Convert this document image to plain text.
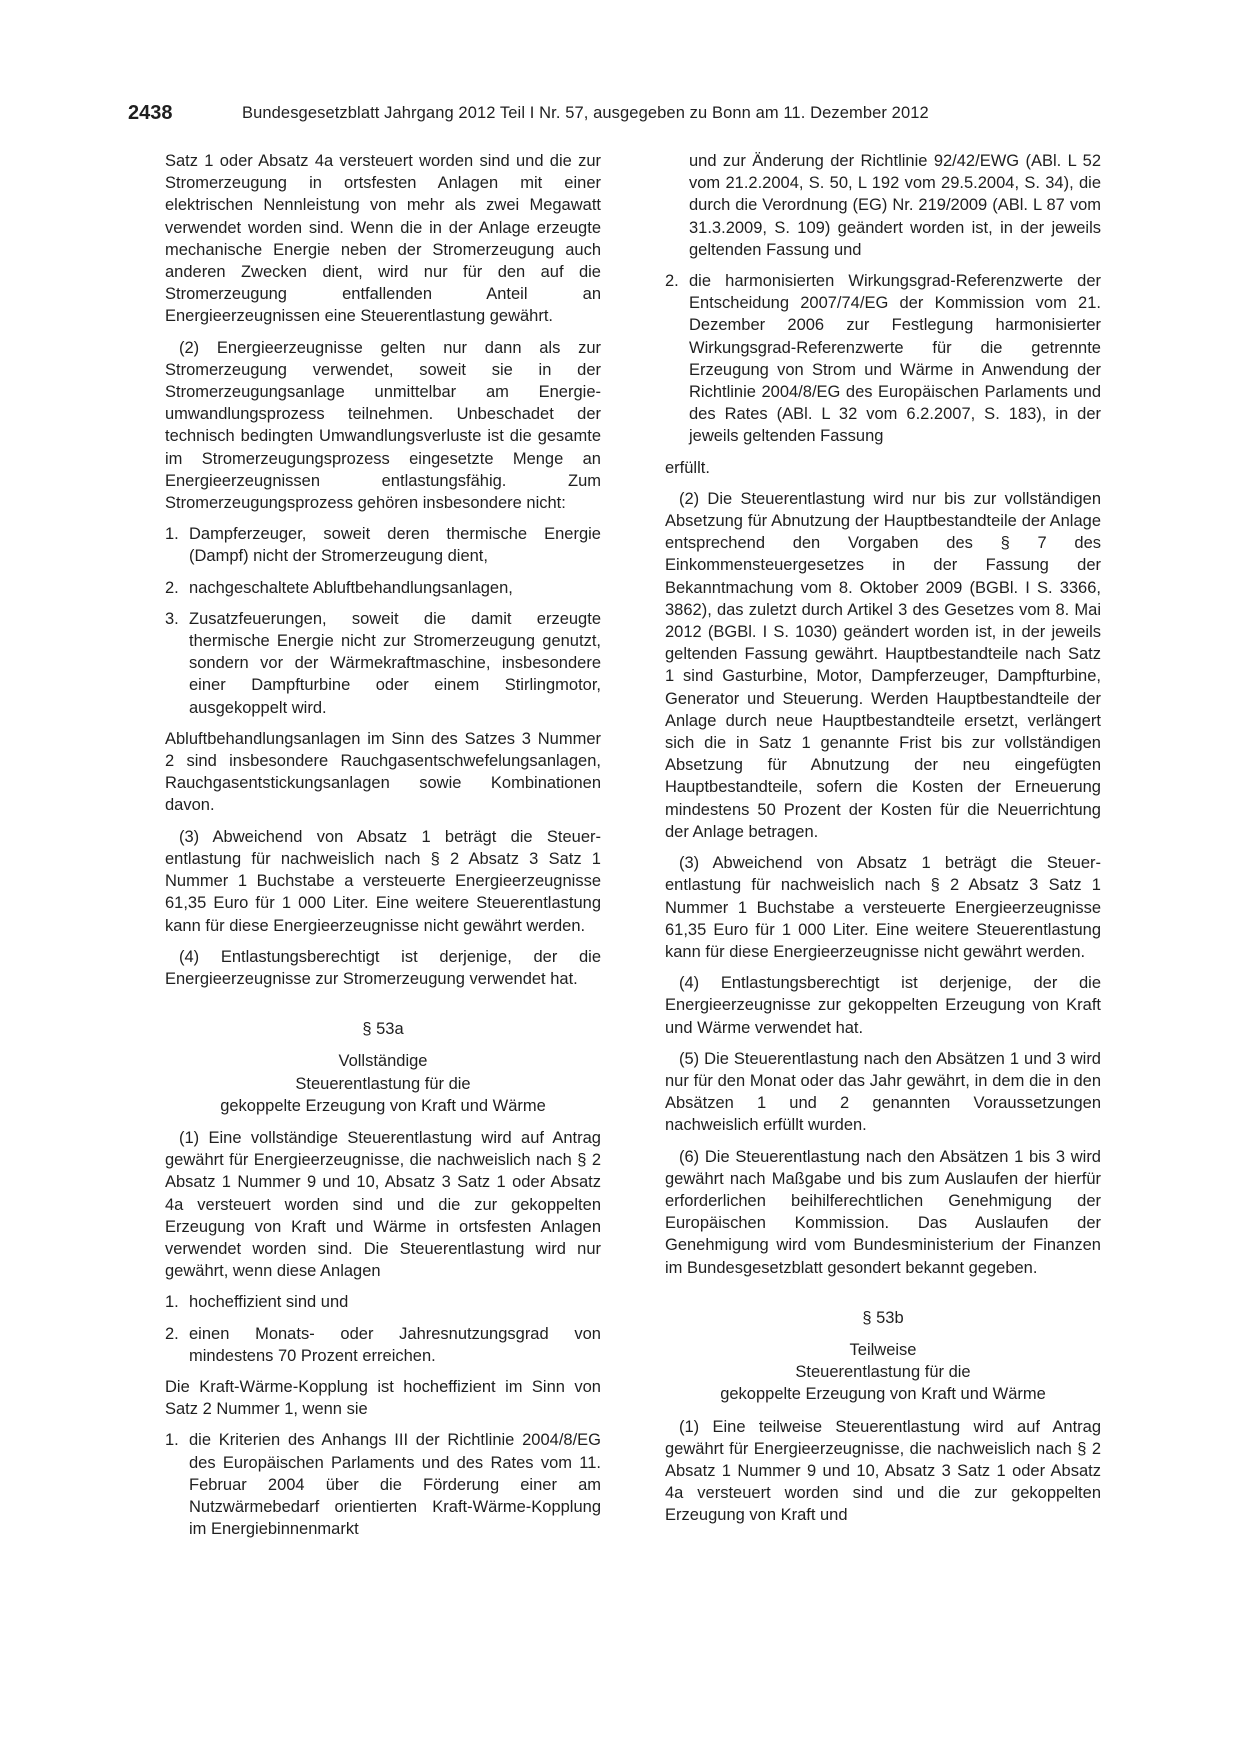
2438	Bundesgesetzblatt Jahrgang 2012 Teil I Nr. 57, ausgegeben zu Bonn am 11. Dezember 2012

Satz 1 oder Absatz 4a versteuert worden sind und die zur Stromerzeugung in ortsfesten Anlagen mit einer elektrischen Nennleistung von mehr als zwei Megawatt verwendet worden sind. Wenn die in der Anlage erzeugte mechanische Energie neben der Stromerzeugung auch anderen Zwecken dient, wird nur für den auf die Stromerzeugung entfallenden Anteil an Energieerzeugnissen eine Steuerentlastung gewährt.

(2) Energieerzeugnisse gelten nur dann als zur Stromerzeugung verwendet, soweit sie in der Stromerzeugungsanlage unmittelbar am Energieumwandlungsprozess teilnehmen. Unbeschadet der technisch bedingten Umwandlungsverluste ist die gesamte im Stromerzeugungsprozess eingesetzte Menge an Energieerzeugnissen entlastungsfähig. Zum Stromerzeugungsprozess gehören insbesondere nicht:

1. Dampferzeuger, soweit deren thermische Energie (Dampf) nicht der Stromerzeugung dient,
2. nachgeschaltete Abluftbehandlungsanlagen,
3. Zusatzfeuerungen, soweit die damit erzeugte thermische Energie nicht zur Stromerzeugung genutzt, sondern vor der Wärmekraftmaschine, insbesondere einer Dampfturbine oder einem Stirlingmotor, ausgekoppelt wird.

Abluftbehandlungsanlagen im Sinn des Satzes 3 Nummer 2 sind insbesondere Rauchgasentschwefelungsanlagen, Rauchgasentstickungsanlagen sowie Kombinationen davon.

(3) Abweichend von Absatz 1 beträgt die Steuerentlastung für nachweislich nach § 2 Absatz 3 Satz 1 Nummer 1 Buchstabe a versteuerte Energieerzeugnisse 61,35 Euro für 1 000 Liter. Eine weitere Steuerentlastung kann für diese Energieerzeugnisse nicht gewährt werden.

(4) Entlastungsberechtigt ist derjenige, der die Energieerzeugnisse zur Stromerzeugung verwendet hat.

§ 53a

Vollständige

Steuerentlastung für die

gekoppelte Erzeugung von Kraft und Wärme

(1) Eine vollständige Steuerentlastung wird auf Antrag gewährt für Energieerzeugnisse, die nachweislich nach § 2 Absatz 1 Nummer 9 und 10, Absatz 3 Satz 1 oder Absatz 4a versteuert worden sind und die zur gekoppelten Erzeugung von Kraft und Wärme in ortsfesten Anlagen verwendet worden sind. Die Steuerentlastung wird nur gewährt, wenn diese Anlagen

1. hocheffizient sind und
2. einen Monats- oder Jahresnutzungsgrad von mindestens 70 Prozent erreichen.

Die Kraft-Wärme-Kopplung ist hocheffizient im Sinn von Satz 2 Nummer 1, wenn sie

1. die Kriterien des Anhangs III der Richtlinie 2004/8/EG des Europäischen Parlaments und des Rates vom 11. Februar 2004 über die Förderung einer am Nutzwärmebedarf orientierten Kraft-Wärme-Kopplung im Energiebinnenmarkt
und zur Änderung der Richtlinie 92/42/EWG (ABl. L 52 vom 21.2.2004, S. 50, L 192 vom 29.5.2004, S. 34), die durch die Verordnung (EG) Nr. 219/2009 (ABl. L 87 vom 31.3.2009, S. 109) geändert worden ist, in der jeweils geltenden Fassung und
2. die harmonisierten Wirkungsgrad-Referenzwerte der Entscheidung 2007/74/EG der Kommission vom 21. Dezember 2006 zur Festlegung harmonisierter Wirkungsgrad-Referenzwerte für die getrennte Erzeugung von Strom und Wärme in Anwendung der Richtlinie 2004/8/EG des Europäischen Parlaments und des Rates (ABl. L 32 vom 6.2.2007, S. 183), in der jeweils geltenden Fassung

erfüllt.

(2) Die Steuerentlastung wird nur bis zur vollständigen Absetzung für Abnutzung der Hauptbestandteile der Anlage entsprechend den Vorgaben des § 7 des Einkommensteuergesetzes in der Fassung der Bekanntmachung vom 8. Oktober 2009 (BGBl. I S. 3366, 3862), das zuletzt durch Artikel 3 des Gesetzes vom 8. Mai 2012 (BGBl. I S. 1030) geändert worden ist, in der jeweils geltenden Fassung gewährt. Hauptbestandteile nach Satz 1 sind Gasturbine, Motor, Dampferzeuger, Dampfturbine, Generator und Steuerung. Werden Hauptbestandteile der Anlage durch neue Hauptbestandteile ersetzt, verlängert sich die in Satz 1 genannte Frist bis zur vollständigen Absetzung für Abnutzung der neu eingefügten Hauptbestandteile, sofern die Kosten der Erneuerung mindestens 50 Prozent der Kosten für die Neuerrichtung der Anlage betragen.

(3) Abweichend von Absatz 1 beträgt die Steuerentlastung für nachweislich nach § 2 Absatz 3 Satz 1 Nummer 1 Buchstabe a versteuerte Energieerzeugnisse 61,35 Euro für 1 000 Liter. Eine weitere Steuerentlastung kann für diese Energieerzeugnisse nicht gewährt werden.

(4) Entlastungsberechtigt ist derjenige, der die Energieerzeugnisse zur gekoppelten Erzeugung von Kraft und Wärme verwendet hat.

(5) Die Steuerentlastung nach den Absätzen 1 und 3 wird nur für den Monat oder das Jahr gewährt, in dem die in den Absätzen 1 und 2 genannten Voraussetzungen nachweislich erfüllt wurden.

(6) Die Steuerentlastung nach den Absätzen 1 bis 3 wird gewährt nach Maßgabe und bis zum Auslaufen der hierfür erforderlichen beihilferechtlichen Genehmigung der Europäischen Kommission. Das Auslaufen der Genehmigung wird vom Bundesministerium der Finanzen im Bundesgesetzblatt gesondert bekannt gegeben.

§ 53b

Teilweise

Steuerentlastung für die

gekoppelte Erzeugung von Kraft und Wärme

(1) Eine teilweise Steuerentlastung wird auf Antrag gewährt für Energieerzeugnisse, die nachweislich nach § 2 Absatz 1 Nummer 9 und 10, Absatz 3 Satz 1 oder Absatz 4a versteuert worden sind und die zur gekoppelten Erzeugung von Kraft und
